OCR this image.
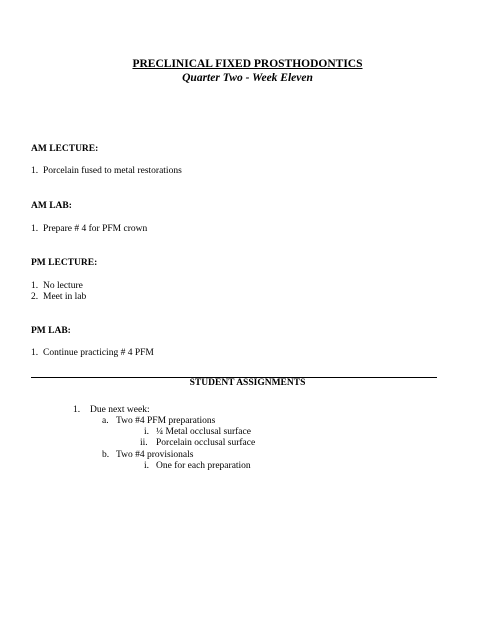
PRECLINICAL FIXED PROSTHODONTICS
Quarter Two - Week Eleven
AM LECTURE:
1. Porcelain fused to metal restorations
AM LAB:
1. Prepare # 4 for PFM crown
PM LECTURE:
1. No lecture
2. Meet in lab
PM LAB:
1. Continue practicing # 4 PFM
STUDENT ASSIGNMENTS
1. Due next week:
a. Two #4 PFM preparations
i. ¼ Metal occlusal surface
ii. Porcelain occlusal surface
b. Two #4 provisionals
i. One for each preparation
